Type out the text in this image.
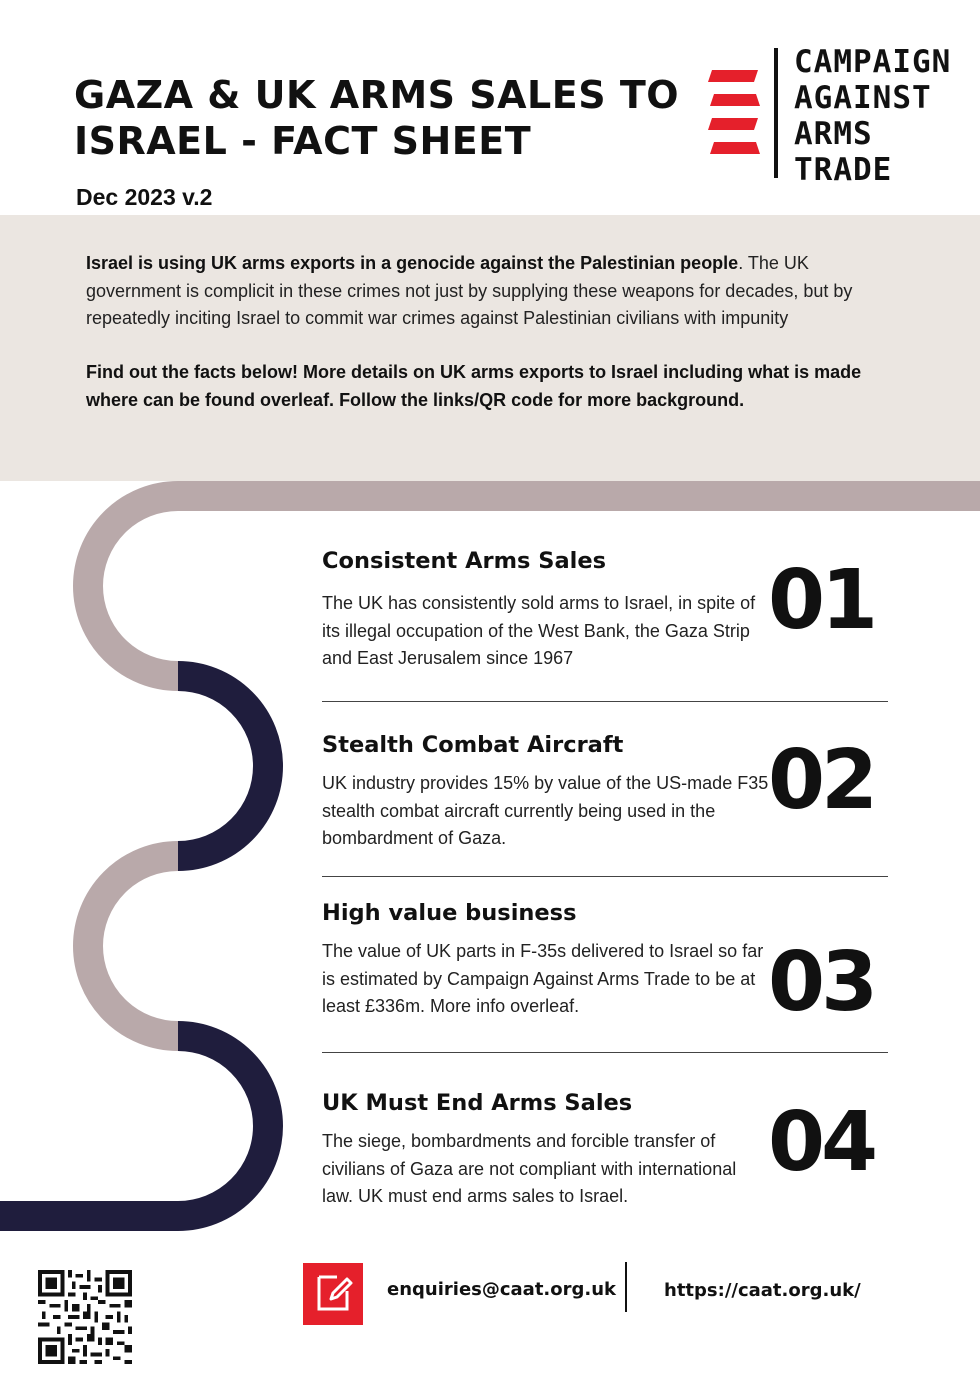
GAZA & UK ARMS SALES TO
ISRAEL - FACT SHEET
Dec 2023 v.2
CAMPAIGN
AGAINST
ARMS
TRADE

Israel is using UK arms exports in a genocide against the Palestinian people. The UK government is complicit in these crimes not just by supplying these weapons for decades, but by repeatedly inciting Israel to commit war crimes against Palestinian civilians with impunity

Find out the facts below! More details on UK arms exports to Israel including what is made where can be found overleaf. Follow the links/QR code for more background.

Consistent Arms Sales

The UK has consistently sold arms to Israel, in spite of its illegal occupation of the West Bank, the Gaza Strip and East Jerusalem since 1967

01
Stealth Combat Aircraft

UK industry provides 15% by value of the US-made F35 stealth combat aircraft currently being used in the bombardment of Gaza.

02
High value business

The value of UK parts in F-35s delivered to Israel so far is estimated by Campaign Against Arms Trade to be at least £336m. More info overleaf.	03
UK Must End Arms Sales

The siege, bombardments and forcible transfer of civilians of Gaza are not compliant with international law. UK must end arms sales to Israel.

04
enquiries@caat.org.uk	https://caat.org.uk/
